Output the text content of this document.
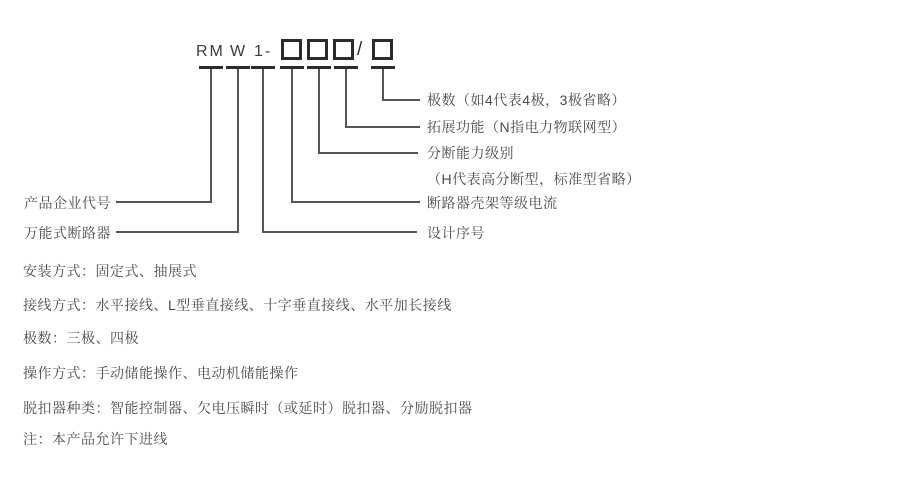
RM W 1-	/
产品企业代号
万能式断路器
极数（如4代表4极，3极省略）
拓展功能（N指电力物联网型）
分断能力级别
（H代表高分断型，标准型省略）
断路器壳架等级电流
设计序号
安装方式：固定式、抽展式
接线方式：水平接线、L型垂直接线、十字垂直接线、水平加长接线
极数：三极、四极
操作方式：手动储能操作、电动机储能操作
脱扣器种类：智能控制器、欠电压瞬时（或延时）脱扣器、分励脱扣器
注：本产品允许下进线
